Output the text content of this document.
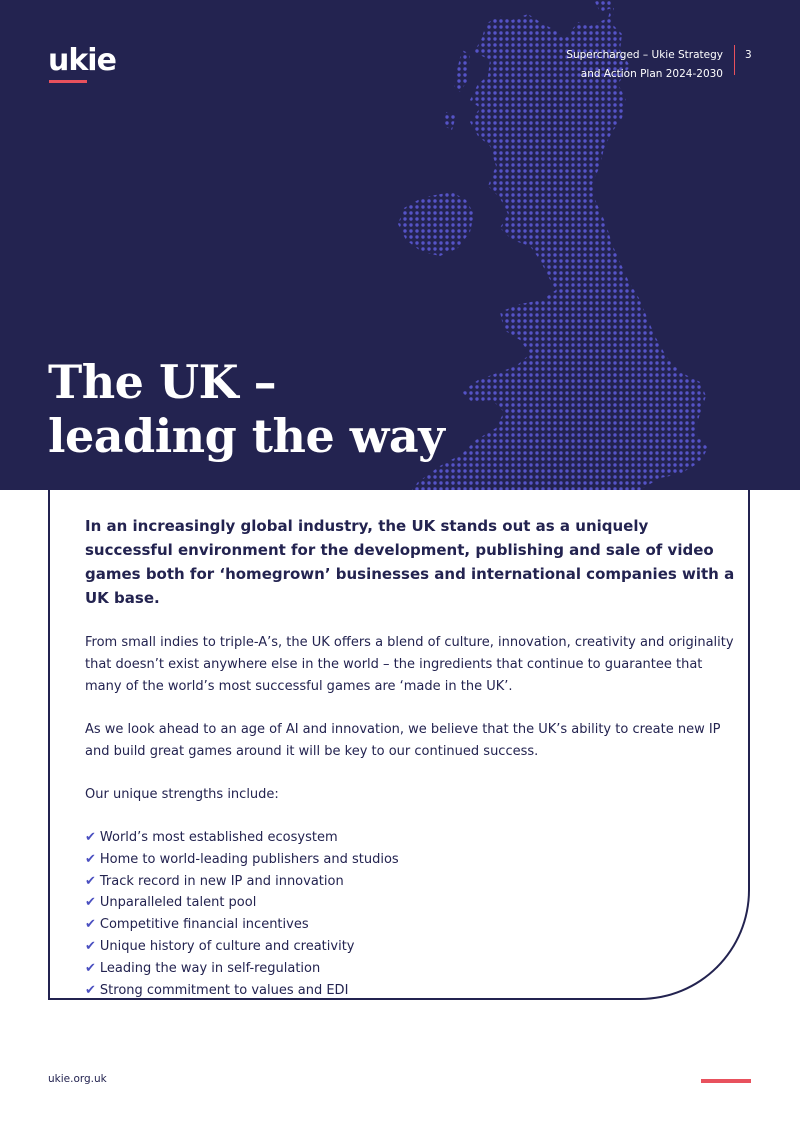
ukie	Supercharged – Ukie Strategy
and Action Plan 2024-2030
3
The UK –
leading the way

In an increasingly global industry, the UK stands out as a uniquely successful environment for the development, publishing and sale of video games both for ‘homegrown’ businesses and international companies with a UK base.

From small indies to triple-A’s, the UK offers a blend of culture, innovation, creativity and originality that doesn’t exist anywhere else in the world – the ingredients that continue to guarantee that many of the world’s most successful games are ‘made in the UK’.

As we look ahead to an age of AI and innovation, we believe that the UK’s ability to create new IP and build great games around it will be key to our continued success.

Our unique strengths include:

✔ World’s most established ecosystem
✔ Home to world-leading publishers and studios
✔ Track record in new IP and innovation
✔ Unparalleled talent pool
✔ Competitive financial incentives
✔ Unique history of culture and creativity
✔ Leading the way in self-regulation
✔ Strong commitment to values and EDI
ukie.org.uk
